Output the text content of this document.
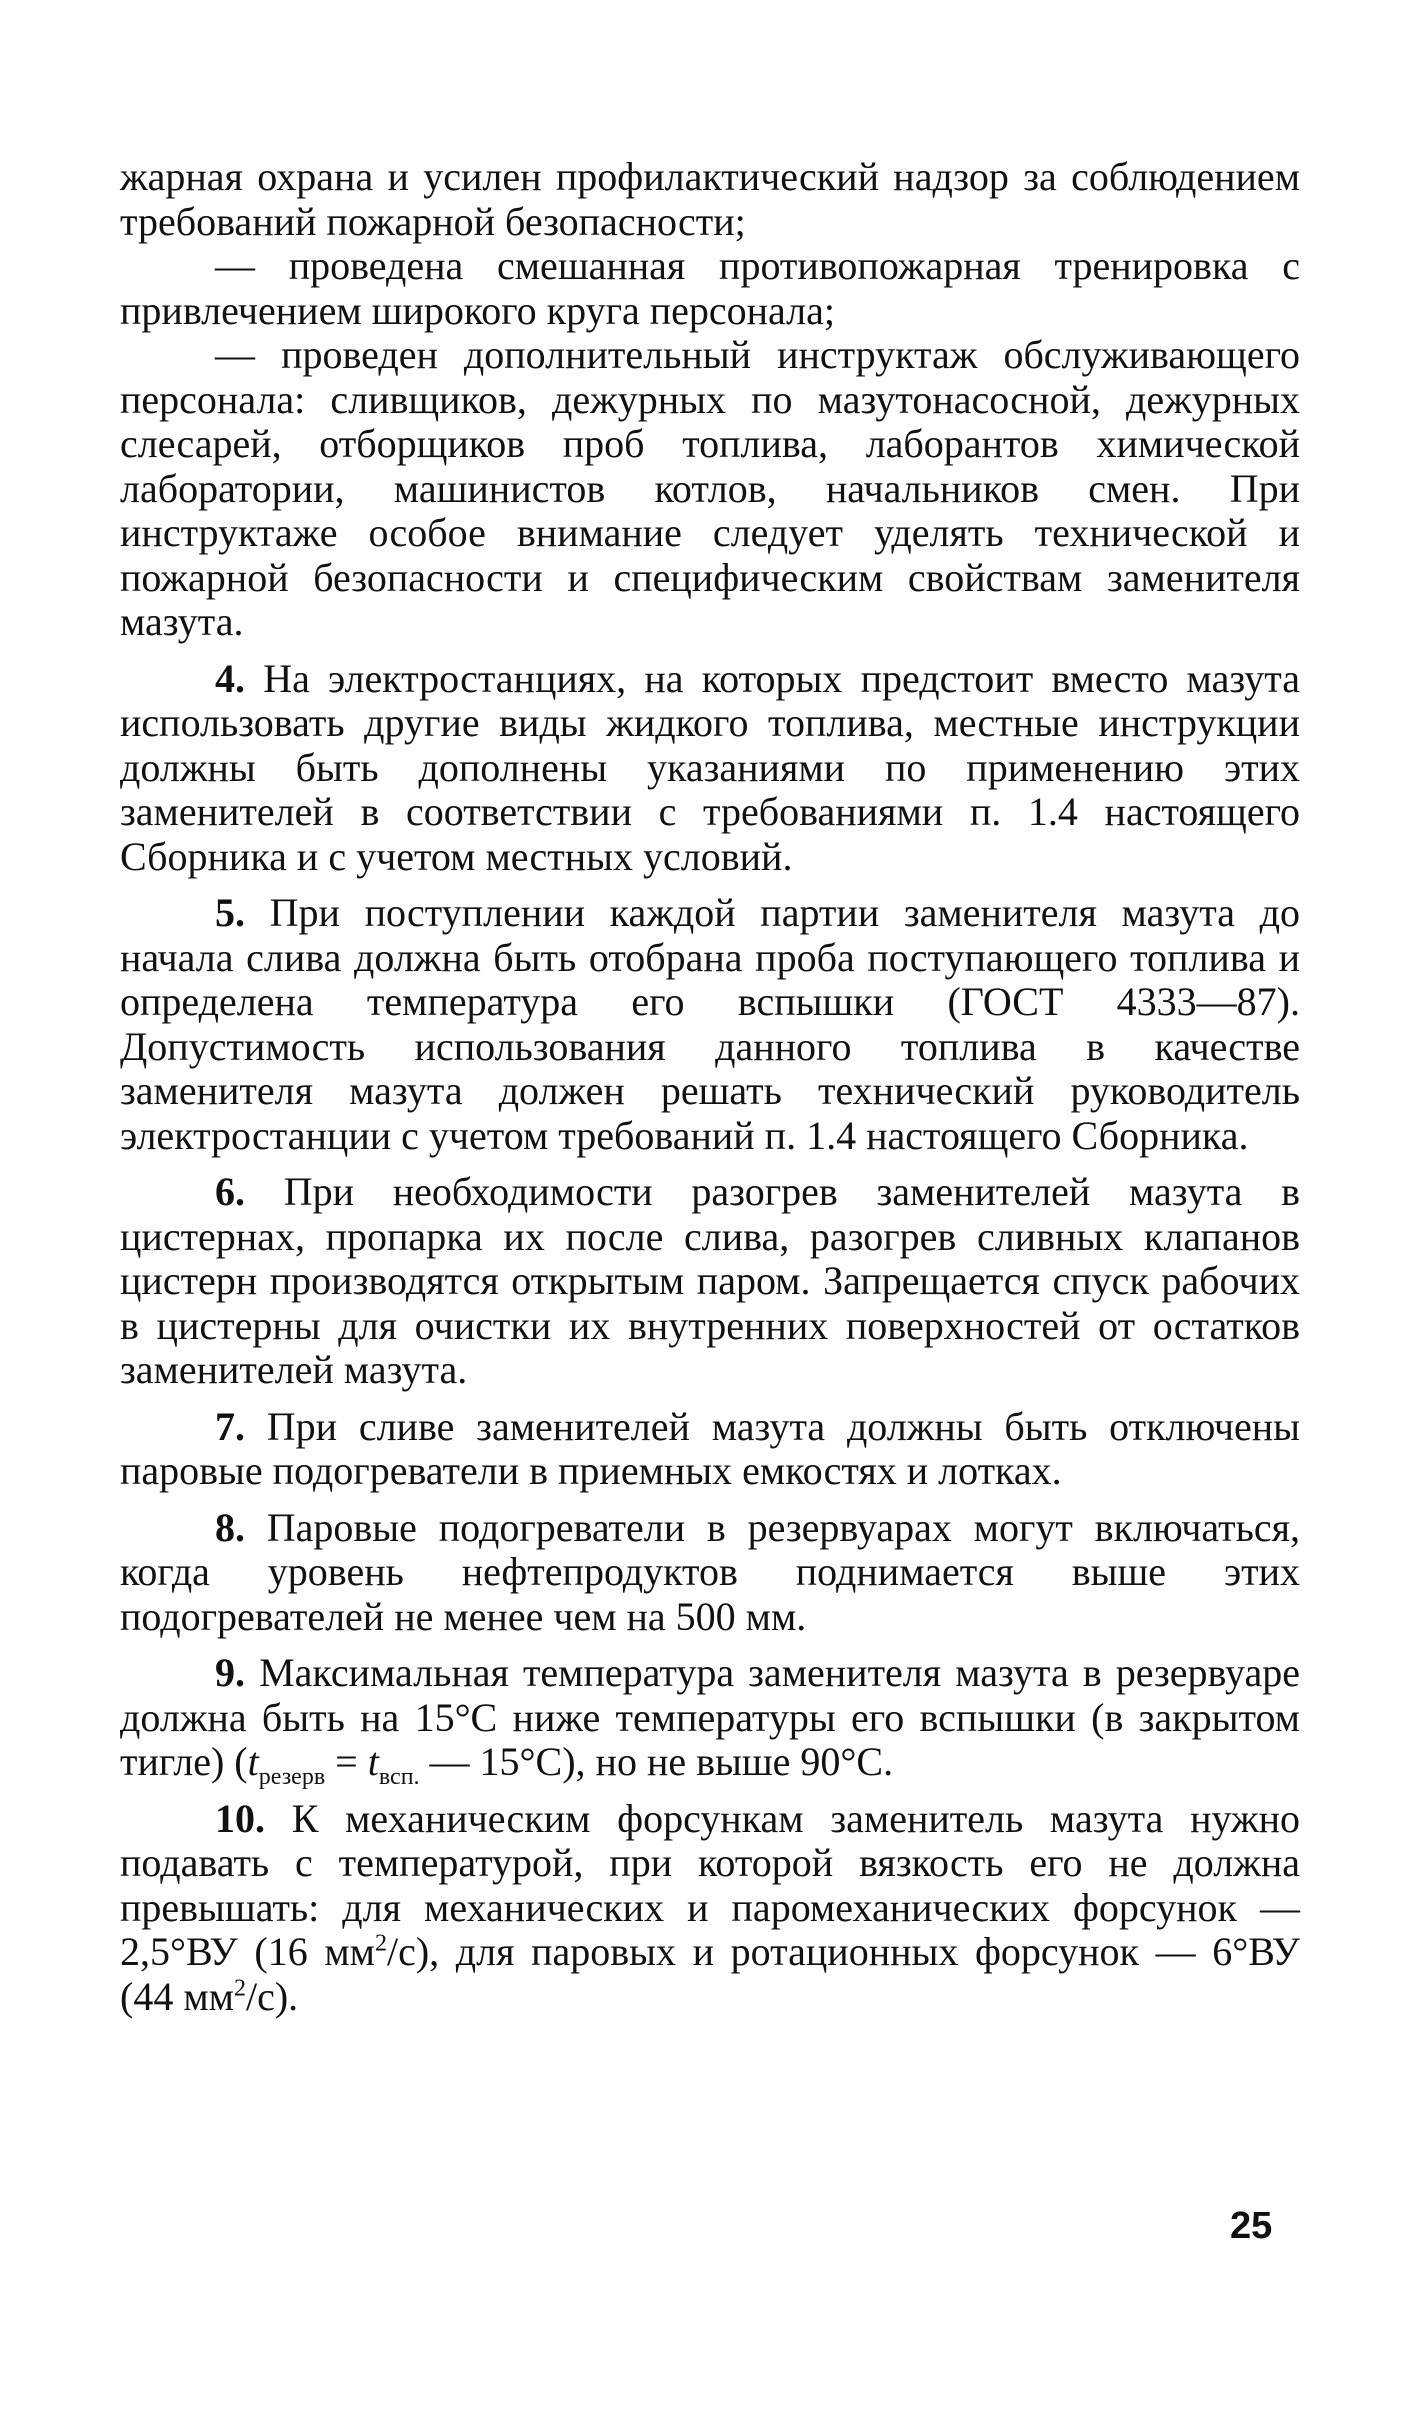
жарная охрана и усилен профилактический надзор за соблюдением требований пожарной безопасности;

— проведена смешанная противопожарная тренировка с привлечением широкого круга персонала;

— проведен дополнительный инструктаж обслуживающего персонала: сливщиков, дежурных по мазутонасосной, дежурных слесарей, отборщиков проб топлива, лаборантов химической лаборатории, машинистов котлов, начальников смен. При инструктаже особое внимание следует уделять технической и пожарной безопасности и специфическим свойствам заменителя мазута.

4. На электростанциях, на которых предстоит вместо мазута использовать другие виды жидкого топлива, местные инструкции должны быть дополнены указаниями по применению этих заменителей в соответствии с требованиями п. 1.4 настоящего Сборника и с учетом местных условий.

5. При поступлении каждой партии заменителя мазута до начала слива должна быть отобрана проба поступающего топлива и определена температура его вспышки (ГОСТ 4333—87). Допустимость использования данного топлива в качестве заменителя мазута должен решать технический руководитель электростанции с учетом требований п. 1.4 настоящего Сборника.

6. При необходимости разогрев заменителей мазута в цистернах, пропарка их после слива, разогрев сливных клапанов цистерн производятся открытым паром. Запрещается спуск рабочих в цистерны для очистки их внутренних поверхностей от остатков заменителей мазута.

7. При сливе заменителей мазута должны быть отключены паровые подогреватели в приемных емкостях и лотках.

8. Паровые подогреватели в резервуарах могут включаться, когда уровень нефтепродуктов поднимается выше этих подогревателей не менее чем на 500 мм.

9. Максимальная температура заменителя мазута в резервуаре должна быть на 15°С ниже температуры его вспышки (в закрытом тигле) ($t_{резерв} = t_{всп.}$ — 15°С), но не выше 90°С.

10. К механическим форсункам заменитель мазута нужно подавать с температурой, при которой вязкость его не должна превышать: для механических и паромеханических форсунок — 2,5°ВУ (16 $мм^2/с$), для паровых и ротационных форсунок — 6°ВУ (44 $мм^2/с$).

25
